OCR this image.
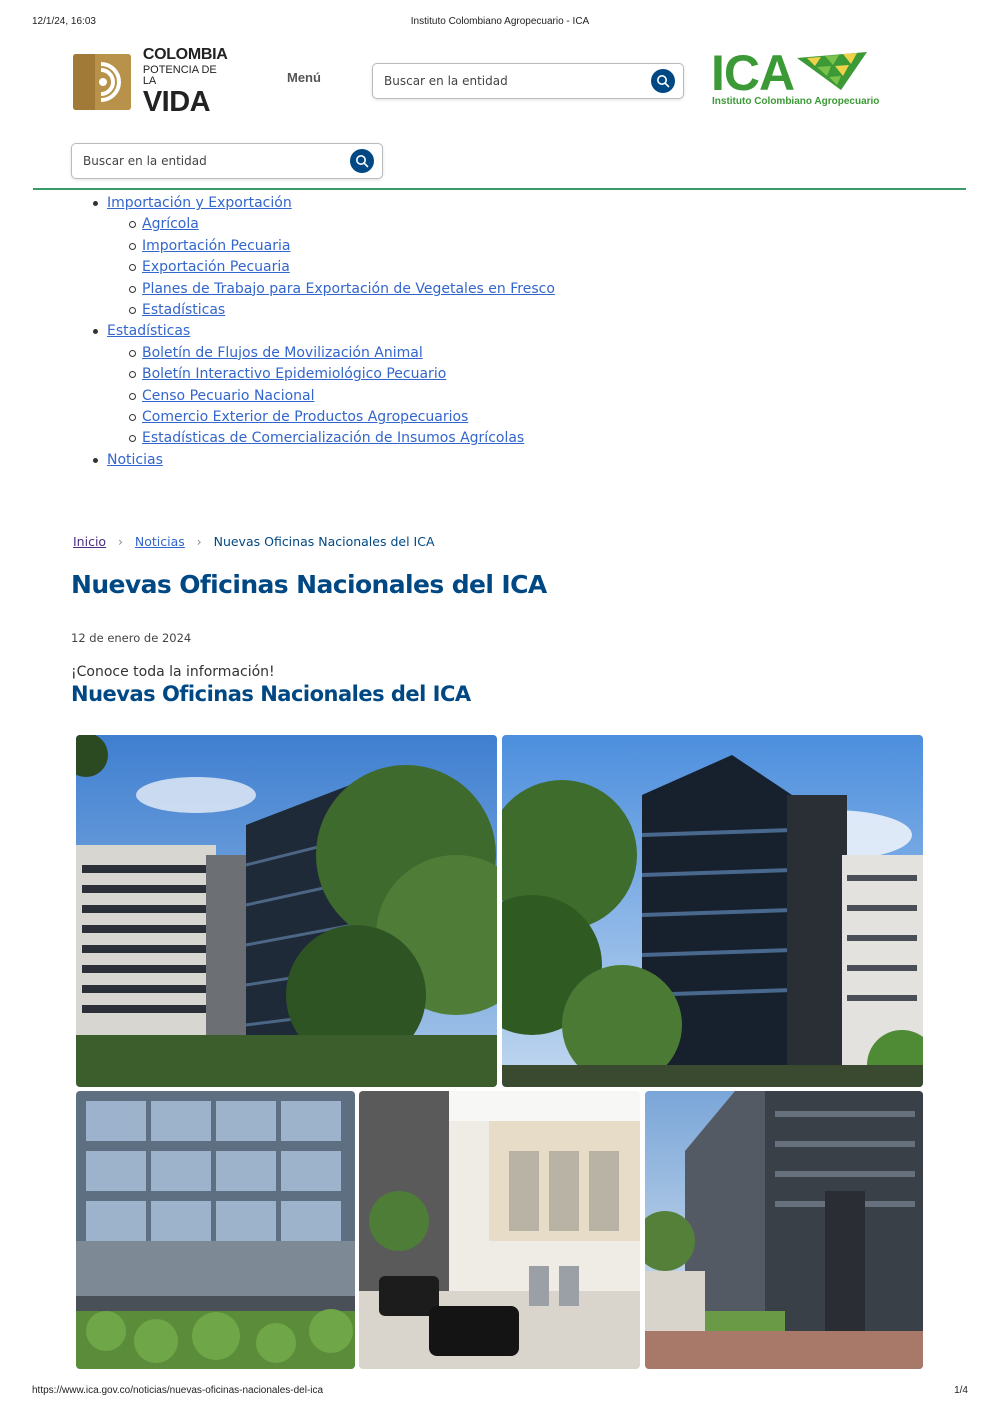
12/1/24, 16:03	Instituto Colombiano Agropecuario - ICA
COLOMBIA
POTENCIA DE LA
VIDA
Menú	Buscar en la entidad	ICA
Instituto Colombiano Agropecuario
Buscar en la entidad
Importación y Exportación
Agrícola
Importación Pecuaria
Exportación Pecuaria
Planes de Trabajo para Exportación de Vegetales en Fresco
Estadísticas
Estadísticas
Boletín de Flujos de Movilización Animal
Boletín Interactivo Epidemiológico Pecuario
Censo Pecuario Nacional
Comercio Exterior de Productos Agropecuarios
Estadísticas de Comercialización de Insumos Agrícolas
Noticias
Inicio › Noticias › Nuevas Oficinas Nacionales del ICA
Nuevas Oficinas Nacionales del ICA
12 de enero de 2024
¡Conoce toda la información!
Nuevas Oficinas Nacionales del ICA
https://www.ica.gov.co/noticias/nuevas-oficinas-nacionales-del-ica	1/4
